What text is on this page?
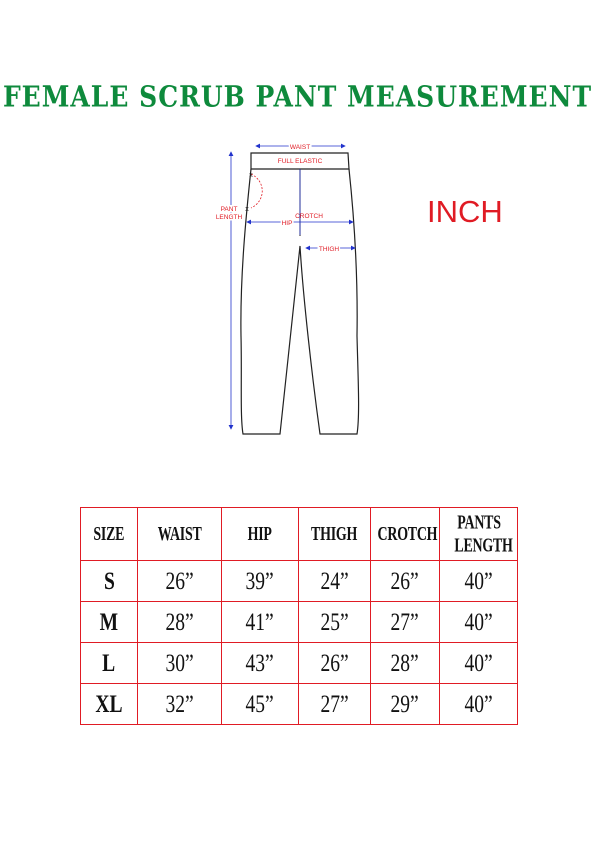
FEMALE SCRUB PANT MEASUREMENT
WAIST
FULL ELASTIC
PANT
LENGTH
x
x
CROTCH
HIP
THIGH
INCH
SIZE	WAIST	HIP	THIGH	CROTCH	PANTS LENGTH
S	26”	39”	24”	26”	40”
M	28”	41”	25”	27”	40”
L	30”	43”	26”	28”	40”
XL	32”	45”	27”	29”	40”
